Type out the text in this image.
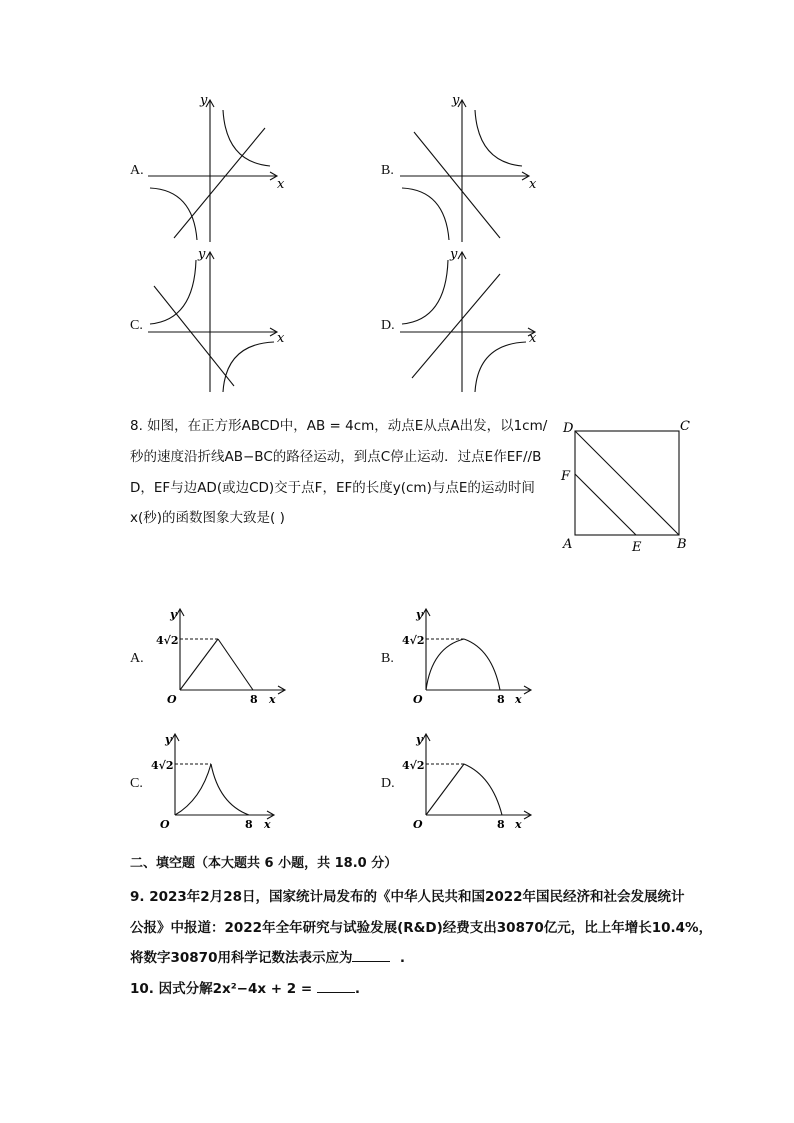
A.
y
x
B.
y
x
C.
y
x
D.
y
x
8. 如图，在正方形ABCD中，AB = 4cm，动点E从点A出发，以1cm/
秒的速度沿折线AB−BC的路径运动，到点C停止运动．过点E作EF//B
D，EF与边AD(或边CD)交于点F，EF的长度y(cm)与点E的运动时间
x(秒)的函数图象大致是( )
D	C
F
A	E	B
A.
y
4√2
O	8 x
B.
y
4√2
O	8 x
C.
y
4√2
O	8 x
D.
y
4√2
O	8 x
二、填空题（本大题共 6 小题，共 18.0 分）
9. 2023年2月28日，国家统计局发布的《中华人民共和国2022年国民经济和社会发展统计
公报》中报道：2022年全年研究与试验发展(R&D)经费支出30870亿元，比上年增长10.4%，
将数字30870用科学记数法表示应为	.
10. 因式分解2x²−4x + 2 =	.
